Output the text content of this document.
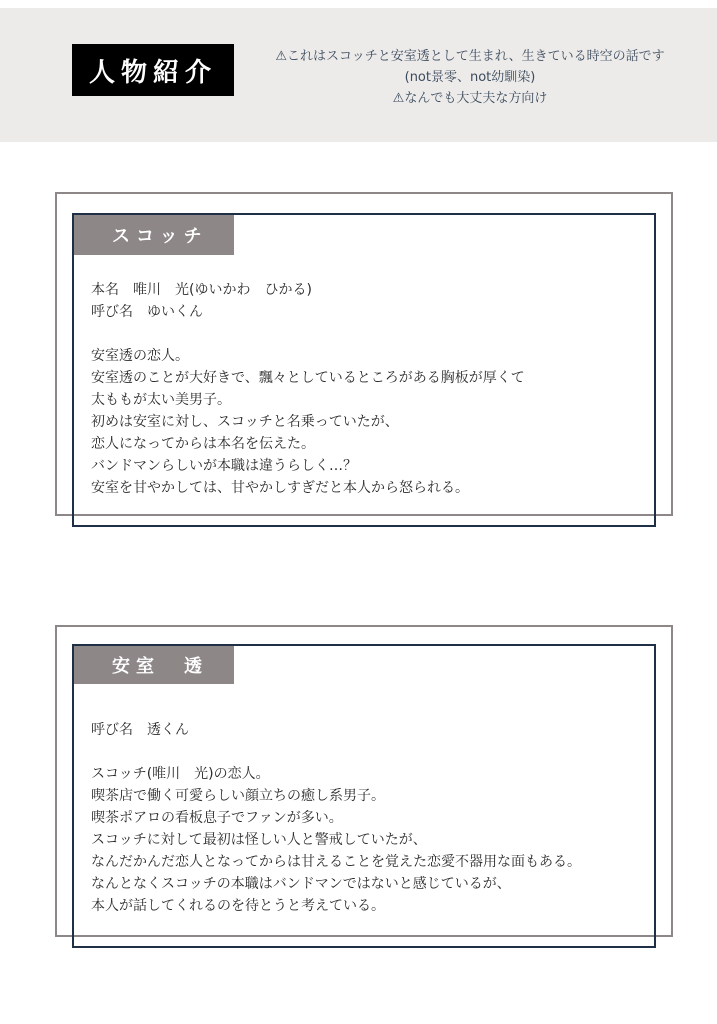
人物紹介
⚠これはスコッチと安室透として生まれ、生きている時空の話です
(not景零、not幼馴染)
⚠なんでも大丈夫な方向け
スコッチ
本名　唯川　光(ゆいかわ　ひかる)
呼び名　ゆいくん
安室透の恋人。
安室透のことが大好きで、飄々としているところがある胸板が厚くて
太ももが太い美男子。
初めは安室に対し、スコッチと名乗っていたが、
恋人になってからは本名を伝えた。
バンドマンらしいが本職は違うらしく…？
安室を甘やかしては、甘やかしすぎだと本人から怒られる。
安室　透
呼び名　透くん
スコッチ(唯川　光)の恋人。
喫茶店で働く可愛らしい顔立ちの癒し系男子。
喫茶ポアロの看板息子でファンが多い。
スコッチに対して最初は怪しい人と警戒していたが、
なんだかんだ恋人となってからは甘えることを覚えた恋愛不器用な面もある。
なんとなくスコッチの本職はバンドマンではないと感じているが、
本人が話してくれるのを待とうと考えている。
